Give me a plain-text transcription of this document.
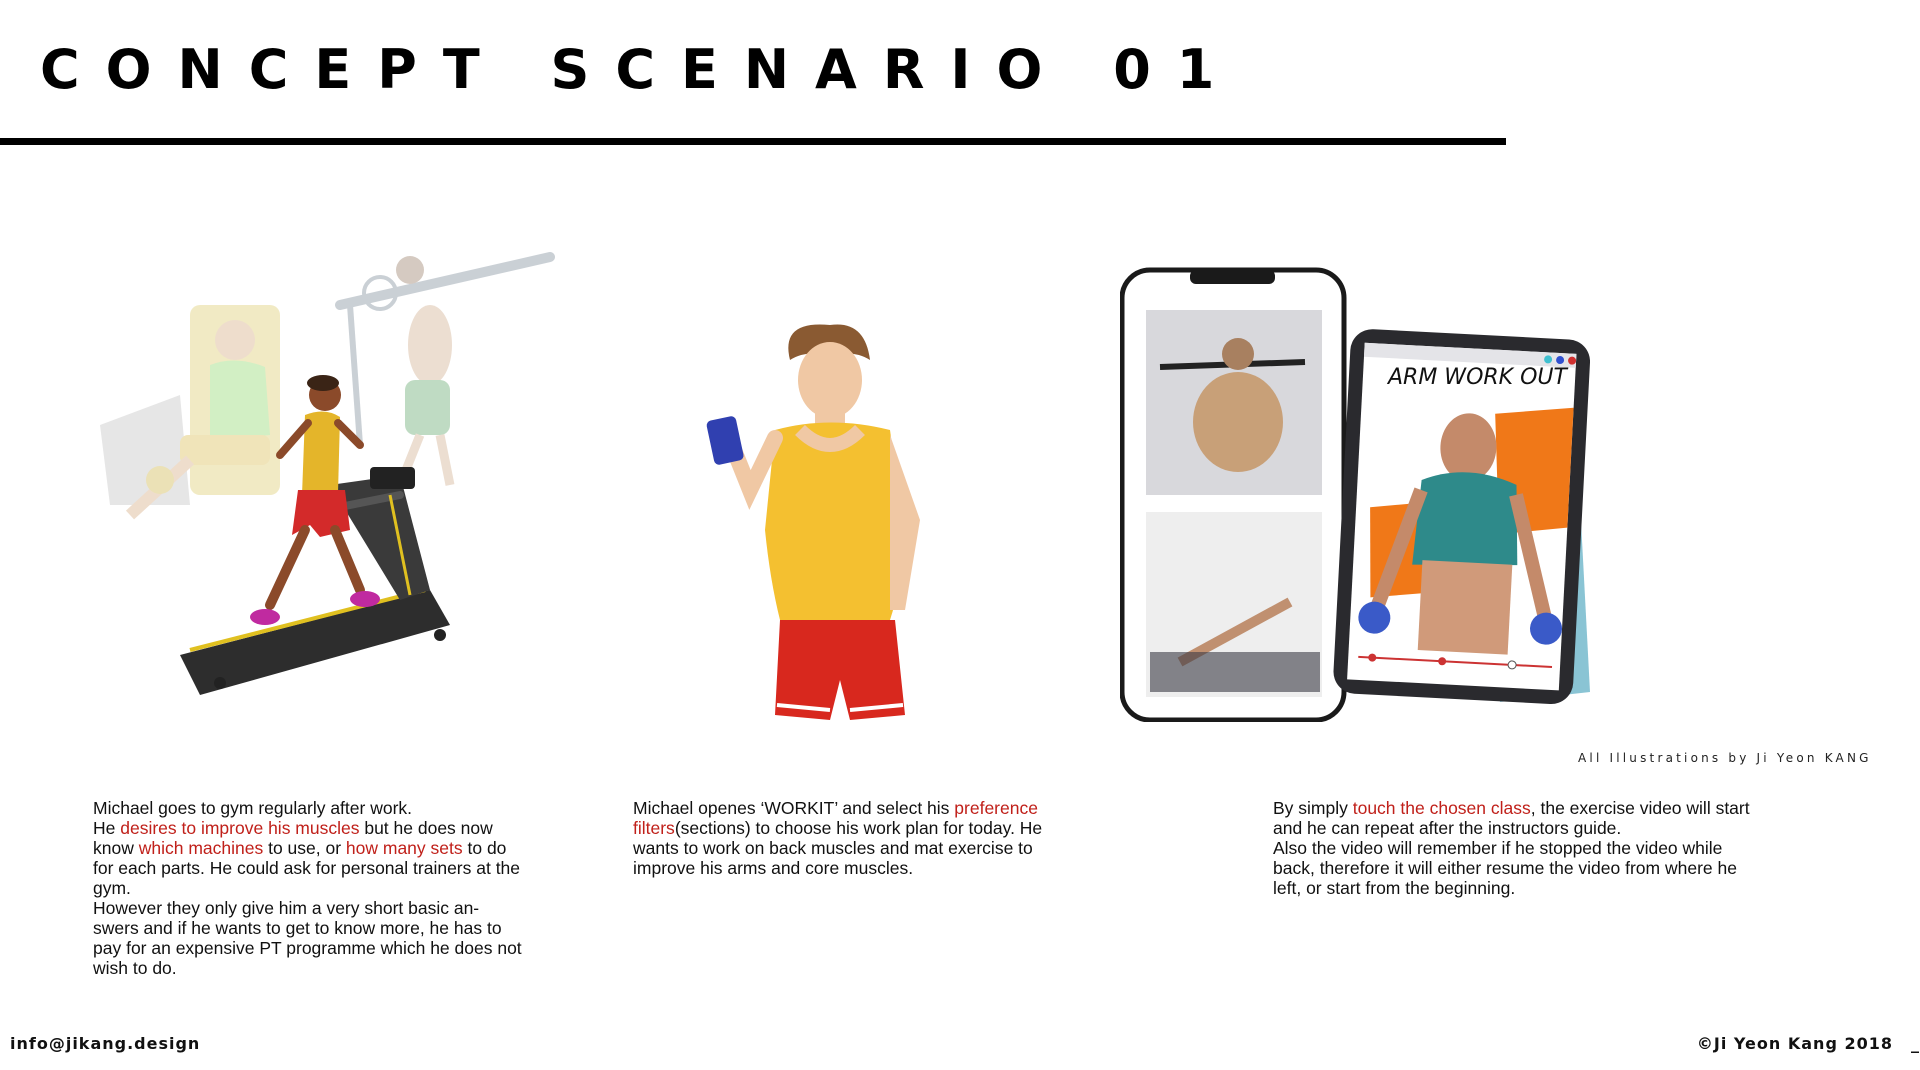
CONCEPT SCENARIO 01
ARM WORK OUT
All Illustrations by Ji Yeon KANG

Michael goes to gym regularly after work.

He desires to improve his muscles but he does now know which machines to use, or how many sets to do for each parts. He could ask for personal trainers at the gym.

However they only give him a very short basic an-swers and if he wants to get to know more, he has to pay for an expensive PT programme which he does not wish to do.

Michael openes ‘WORKIT’ and select his preference filters(sections) to choose his work plan for today. He wants to work on back muscles and mat exercise to improve his arms and core muscles.

By simply touch the chosen class, the exercise video will start and he can repeat after the instructors guide.

Also the video will remember if he stopped the video while back, therefore it will either resume the video from where he left, or start from the beginning.

info@jikang.design	©Ji Yeon Kang 2018 _
